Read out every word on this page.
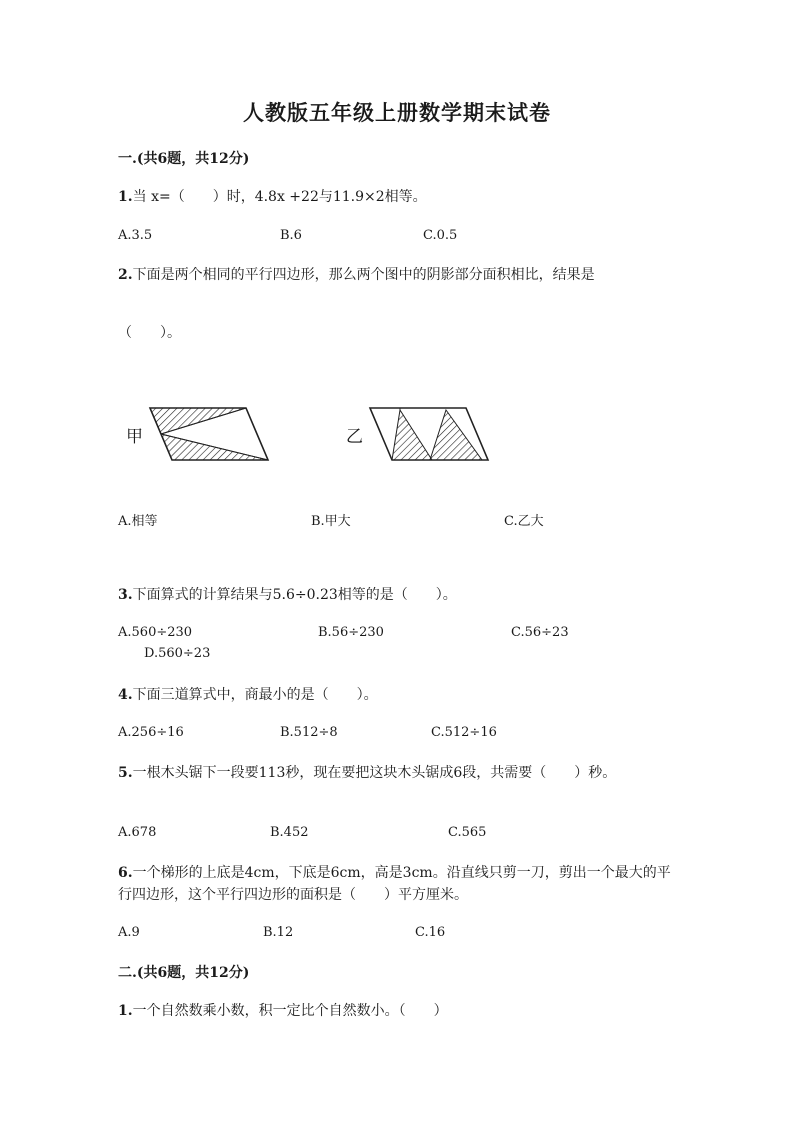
人教版五年级上册数学期末试卷
一.(共6题，共12分)
1.当 x=（　　）时，4.8x +22与11.9×2相等。
A.3.5	B.6	C.0.5
2.下面是两个相同的平行四边形，那么两个图中的阴影部分面积相比，结果是
（　　）。
甲	乙
A.相等	B.甲大	C.乙大
3.下面算式的计算结果与5.6÷0.23相等的是（　　）。
A.560÷230	B.56÷230	C.56÷23
D.560÷23
4.下面三道算式中，商最小的是（　　）。
A.256÷16	B.512÷8	C.512÷16
5.一根木头锯下一段要113秒，现在要把这块木头锯成6段，共需要（　　）秒。
A.678	B.452	C.565
6.一个梯形的上底是4cm，下底是6cm，高是3cm。沿直线只剪一刀，剪出一个最大的平行四边形，这个平行四边形的面积是（　　）平方厘米。
A.9	B.12	C.16
二.(共6题，共12分)
1.一个自然数乘小数，积一定比个自然数小。（　　）
